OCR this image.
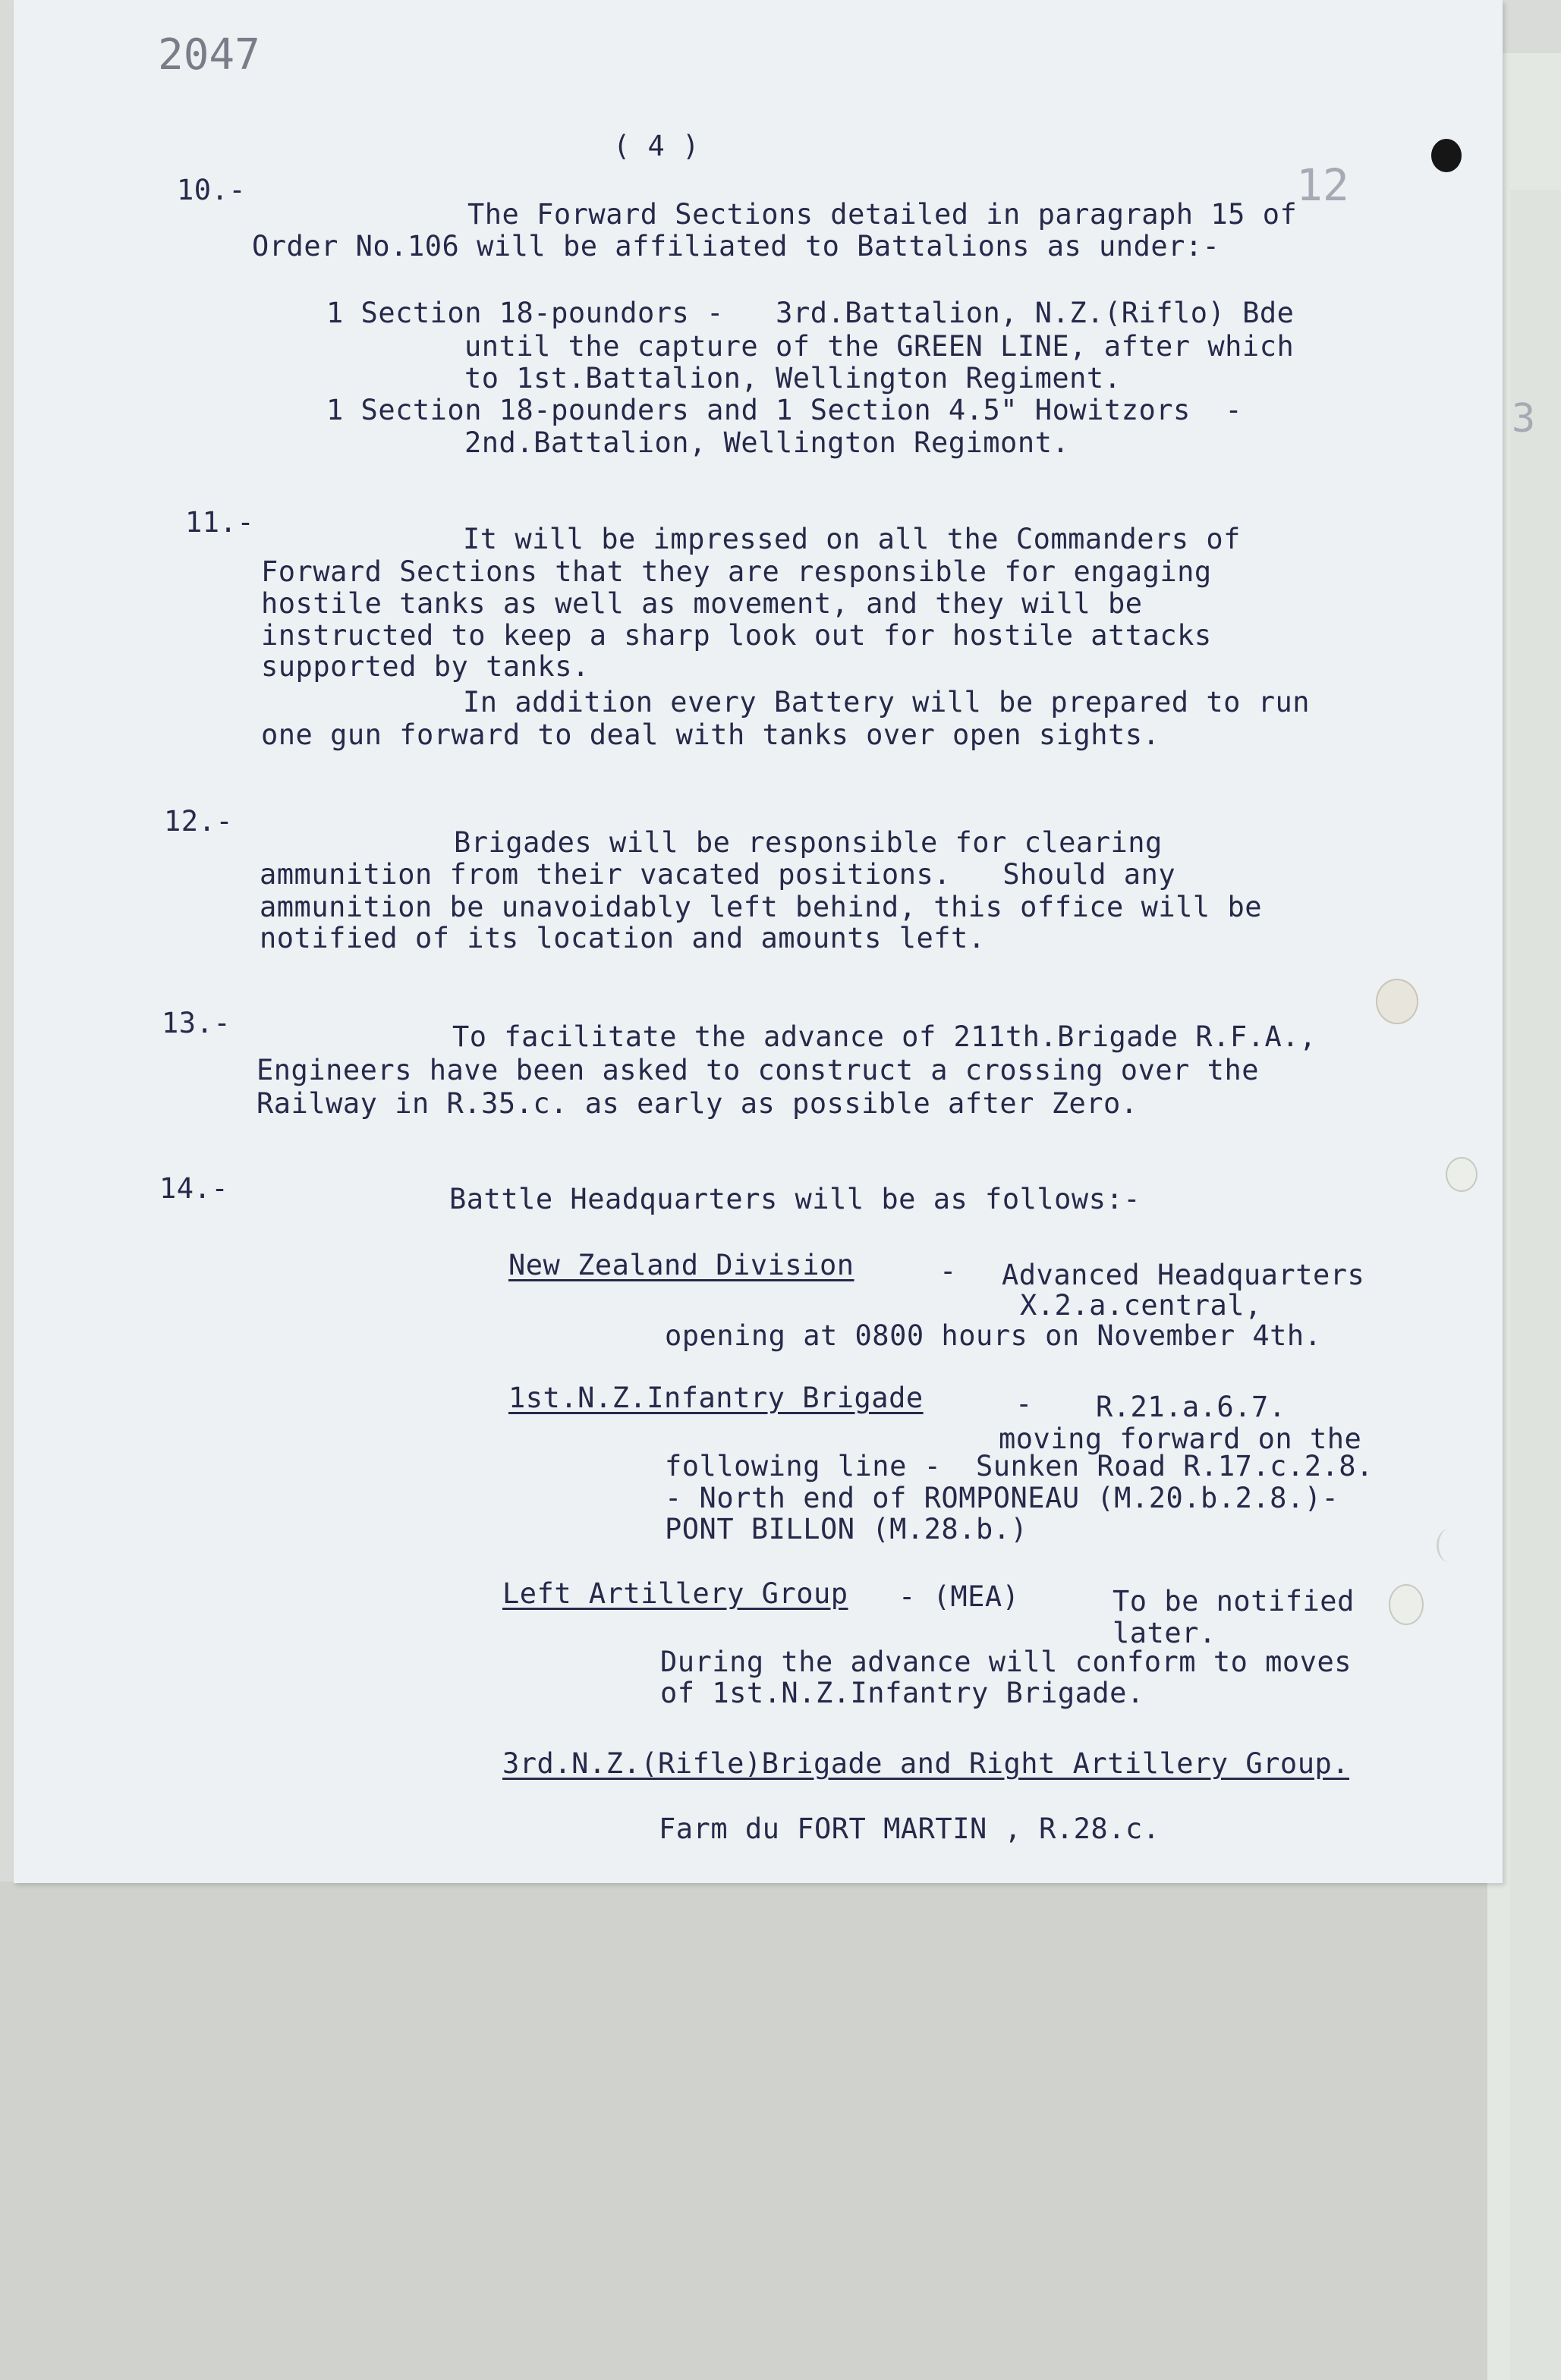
3
2047
12
( 4 )
10.-
The Forward Sections detailed in paragraph 15 of
Order No.106 will be affiliated to Battalions as under:-
1 Section 18-poundors -   3rd.Battalion, N.Z.(Riflo) Bde
until the capture of the GREEN LINE, after which
to 1st.Battalion, Wellington Regiment.
1 Section 18-pounders and 1 Section 4.5" Howitzors  -
2nd.Battalion, Wellington Regimont.
11.-
It will be impressed on all the Commanders of
Forward Sections that they are responsible for engaging
hostile tanks as well as movement, and they will be
instructed to keep a sharp look out for hostile attacks
supported by tanks.
In addition every Battery will be prepared to run
one gun forward to deal with tanks over open sights.
12.-
Brigades will be responsible for clearing
ammunition from their vacated positions.   Should any
ammunition be unavoidably left behind, this office will be
notified of its location and amounts left.
13.-	To facilitate the advance of 211th.Brigade R.F.A.,
Engineers have been asked to construct a crossing over the
Railway in R.35.c. as early as possible after Zero.
14.-	Battle Headquarters will be as follows:-
New Zealand Division	- Advanced Headquarters
X.2.a.central,
opening at 0800 hours on November 4th.
1st.N.Z.Infantry Brigade	- R.21.a.6.7.
moving forward on the
following line -  Sunken Road R.17.c.2.8.
- North end of ROMPONEAU (M.20.b.2.8.)-
PONT BILLON (M.28.b.)
Left Artillery Group - (MEA)	To be notified
later.
During the advance will conform to moves
of 1st.N.Z.Infantry Brigade.
3rd.N.Z.(Rifle)Brigade and Right Artillery Group.
Farm du FORT MARTIN , R.28.c.
